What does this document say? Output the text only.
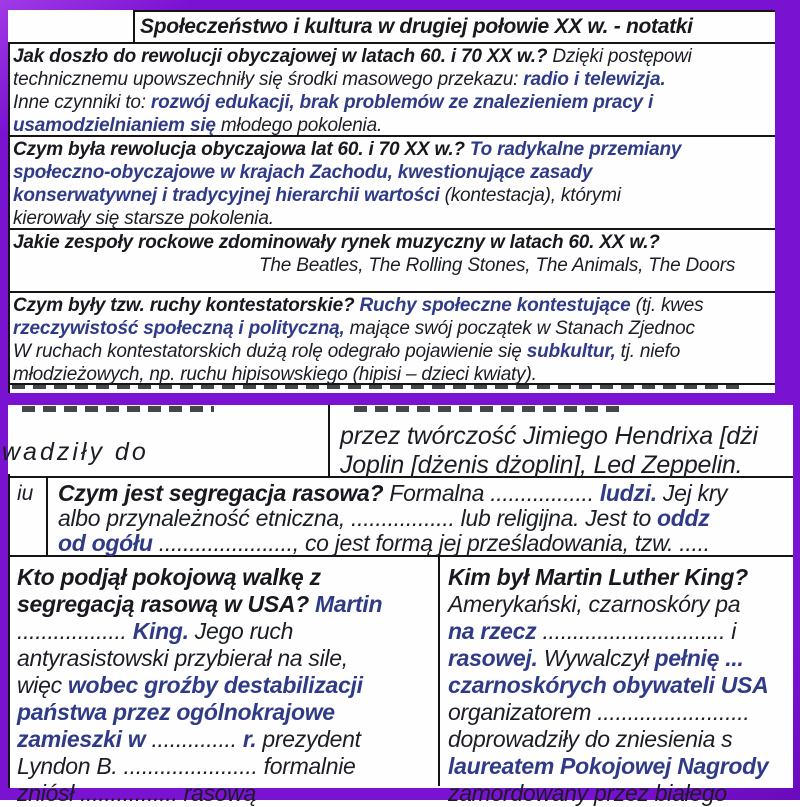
Społeczeństwo i kultura w drugiej połowie XX w. - notatki
Jak doszło do rewolucji obyczajowej w latach 60. i 70 XX w.? Dzięki postępowi
technicznemu upowszechniły się środki masowego przekazu: radio i telewizja.
Inne czynniki to: rozwój edukacji, brak problemów ze znalezieniem pracy i
usamodzielnianiem się młodego pokolenia.
Czym była rewolucja obyczajowa lat 60. i 70 XX w.? To radykalne przemiany
społeczno-obyczajowe w krajach Zachodu, kwestionujące zasady
konserwatywnej i tradycyjnej hierarchii wartości (kontestacja), którymi
kierowały się starsze pokolenia.
Jakie zespoły rockowe zdominowały rynek muzyczny w latach 60. XX w.?
The Beatles, The Rolling Stones, The Animals, The Doors
Czym były tzw. ruchy kontestatorskie? Ruchy społeczne kontestujące (tj. kwes
rzeczywistość społeczną i polityczną, mające swój początek w Stanach Zjednoc
W ruchach kontestatorskich dużą rolę odegrało pojawienie się subkultur, tj. niefo
młodzieżowych, np. ruchu hipisowskiego (hipisi – dzieci kwiaty).
wadziły do
przez twórczość Jimiego Hendrixa [dżi
Joplin [dżenis dżoplin], Led Zeppelin.
iu	Czym jest segregacja rasowa? Formalna ................. ludzi. Jej kry
albo przynależność etniczna, ................. lub religijna. Jest to oddz
od ogółu ......................, co jest formą jej prześladowania, tzw. .....
Kto podjął pokojową walkę z
segregacją rasową w USA? Martin
.................. King. Jego ruch
antyrasistowski przybierał na sile,
więc wobec groźby destabilizacji
państwa przez ogólnokrajowe
zamieszki w .............. r. prezydent
Lyndon B. ...................... formalnie
zniósł ................ rasową
Kim był Martin Luther King?
Amerykański, czarnoskóry pa
na rzecz .............................. i
rasowej. Wywalczył pełnię ...
czarnoskórych obywateli USA
organizatorem .........................
doprowadziły do zniesienia s
laureatem Pokojowej Nagrody
zamordowany przez białego
